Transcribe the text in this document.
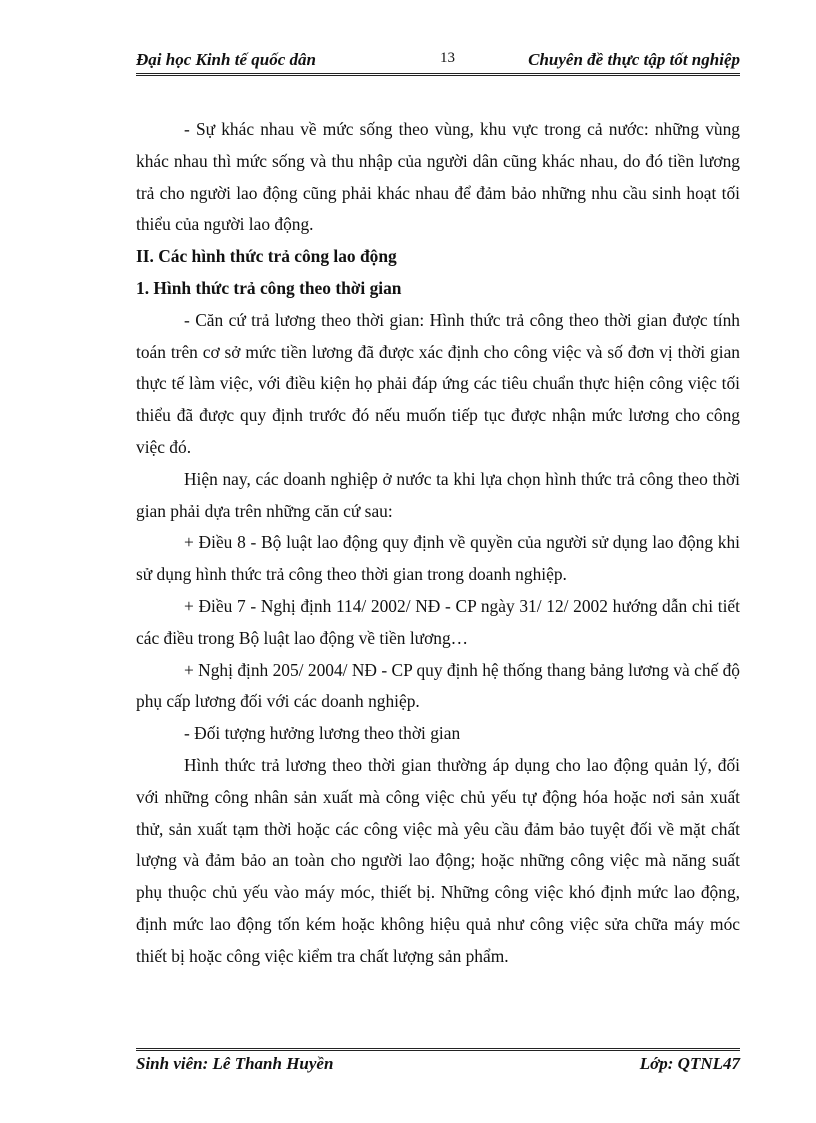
Đại học Kinh tế quốc dân	13	Chuyên đề thực tập tốt nghiệp

- Sự khác nhau về mức sống theo vùng, khu vực trong cả nước: những vùng khác nhau thì mức sống và thu nhập của người dân cũng khác nhau, do đó tiền lương trả cho người lao động cũng phải khác nhau để đảm bảo những nhu cầu sinh hoạt tối thiểu của người lao động.

II. Các hình thức trả công lao động

1. Hình thức trả công theo thời gian

- Căn cứ trả lương theo thời gian: Hình thức trả công theo thời gian được tính toán trên cơ sở mức tiền lương đã được xác định cho công việc và số đơn vị thời gian thực tế làm việc, với điều kiện họ phải đáp ứng các tiêu chuẩn thực hiện công việc tối thiểu đã được quy định trước đó nếu muốn tiếp tục được nhận mức lương cho công việc đó.

Hiện nay, các doanh nghiệp ở nước ta khi lựa chọn hình thức trả công theo thời gian phải dựa trên những căn cứ sau:

+ Điều 8 - Bộ luật lao động quy định về quyền của người sử dụng lao động khi sử dụng hình thức trả công theo thời gian trong doanh nghiệp.

+ Điều 7 - Nghị định 114/ 2002/ NĐ - CP ngày 31/ 12/ 2002 hướng dẫn chi tiết các điều trong Bộ luật lao động về tiền lương…

+ Nghị định 205/ 2004/ NĐ - CP quy định hệ thống thang bảng lương và chế độ phụ cấp lương đối với các doanh nghiệp.

- Đối tượng hưởng lương theo thời gian

Hình thức trả lương theo thời gian thường áp dụng cho lao động quản lý, đối với những công nhân sản xuất mà công việc chủ yếu tự động hóa hoặc nơi sản xuất thử, sản xuất tạm thời hoặc các công việc mà yêu cầu đảm bảo tuyệt đối về mặt chất lượng và đảm bảo an toàn cho người lao động; hoặc những công việc mà năng suất phụ thuộc chủ yếu vào máy móc, thiết bị. Những công việc khó định mức lao động, định mức lao động tốn kém hoặc không hiệu quả như công việc sửa chữa máy móc thiết bị hoặc công việc kiểm tra chất lượng sản phẩm.

Sinh viên: Lê Thanh Huyền	Lớp: QTNL47
